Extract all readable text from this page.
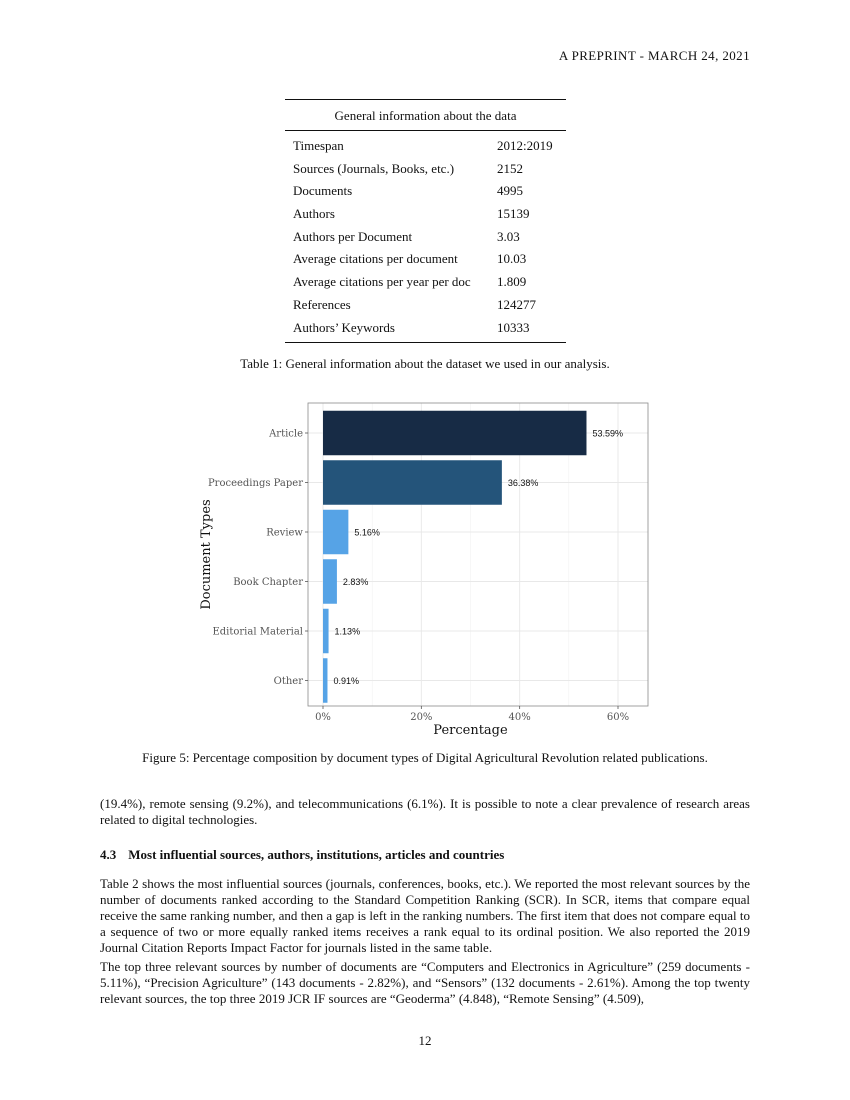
A PREPRINT - MARCH 24, 2021
General information about the data
Timespan	2012:2019
Sources (Journals, Books, etc.)	2152
Documents	4995
Authors	15139
Authors per Document	3.03
Average citations per document	10.03
Average citations per year per doc	1.809
References	124277
Authors’ Keywords	10333
Table 1: General information about the dataset we used in our analysis.
53.59%
36.38%
5.16%
2.83%
1.13%
0.91%
Article
Proceedings Paper
Review
Book Chapter
Editorial Material
Other
0%	20%	40%	60%
Percentage
Document Types
Figure 5: Percentage composition by document types of Digital Agricultural Revolution related publications.

(19.4%), remote sensing (9.2%), and telecommunications (6.1%). It is possible to note a clear prevalence of research areas related to digital technologies.

4.3 Most influential sources, authors, institutions, articles and countries

Table 2 shows the most influential sources (journals, conferences, books, etc.). We reported the most relevant sources by the number of documents ranked according to the Standard Competition Ranking (SCR). In SCR, items that compare equal receive the same ranking number, and then a gap is left in the ranking numbers. The first item that does not compare equal to a sequence of two or more equally ranked items receives a rank equal to its ordinal position. We also reported the 2019 Journal Citation Reports Impact Factor for journals listed in the same table.

The top three relevant sources by number of documents are “Computers and Electronics in Agriculture” (259 documents - 5.11%), “Precision Agriculture” (143 documents - 2.82%), and “Sensors” (132 documents - 2.61%). Among the top twenty relevant sources, the top three 2019 JCR IF sources are “Geoderma” (4.848), “Remote Sensing” (4.509),

12
